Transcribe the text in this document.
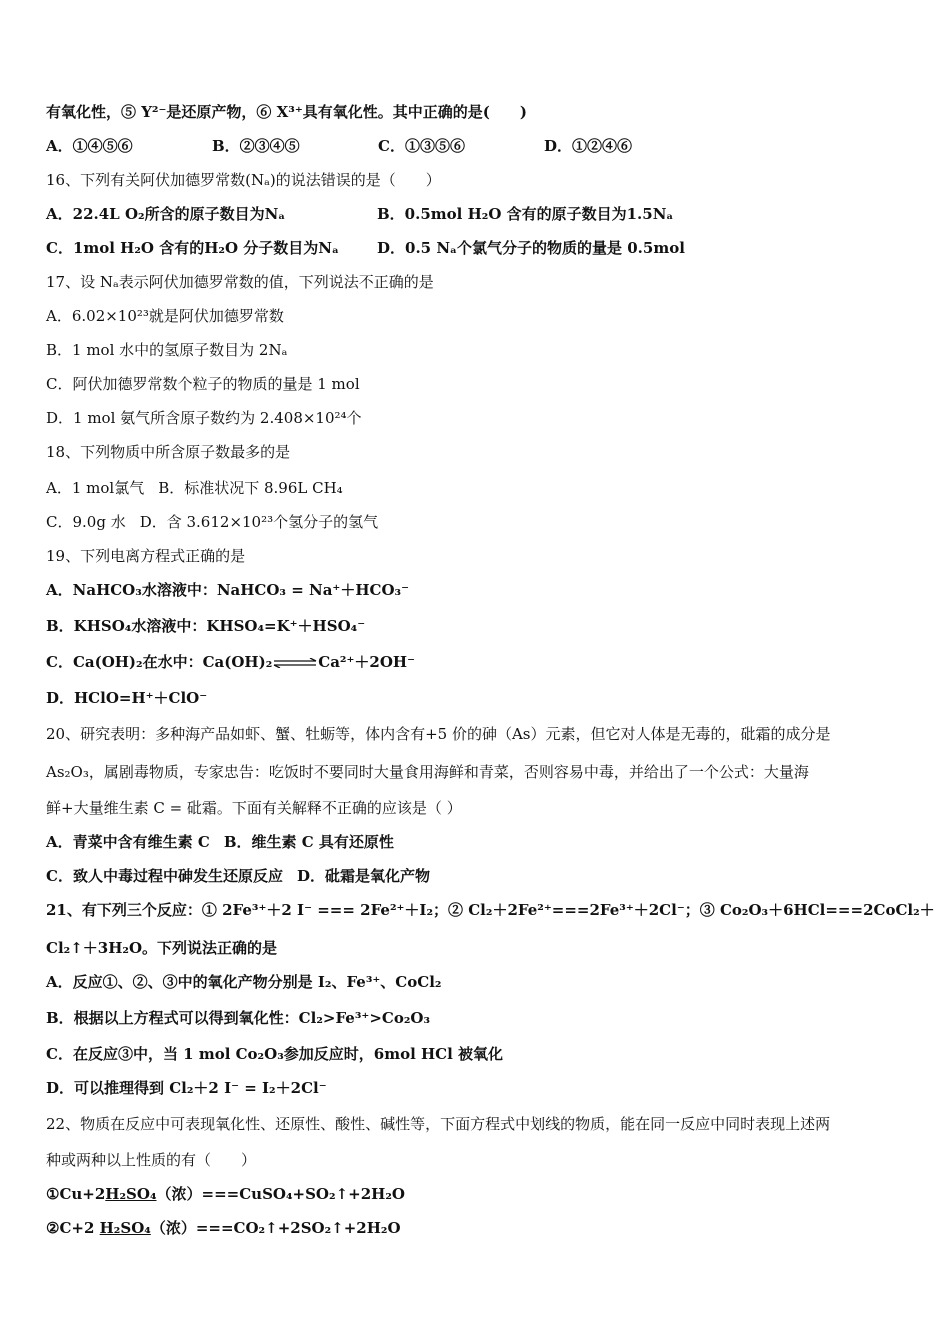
有氧化性，⑤ Y²⁻是还原产物，⑥ X³⁺具有氧化性。其中正确的是(　　)
A．①④⑤⑥	B．②③④⑤	C．①③⑤⑥	D．①②④⑥
16、下列有关阿伏加德罗常数(Nₐ)的说法错误的是（　　）
A．22.4L O₂所含的原子数目为Nₐ	B．0.5mol H₂O 含有的原子数目为1.5Nₐ
C．1mol H₂O 含有的H₂O 分子数目为Nₐ	D．0.5 Nₐ个氯气分子的物质的量是 0.5mol
17、设 Nₐ表示阿伏加德罗常数的值，下列说法不正确的是
A．6.02×10²³就是阿伏加德罗常数
B．1 mol 水中的氢原子数目为 2Nₐ
C．阿伏加德罗常数个粒子的物质的量是 1 mol
D．1 mol 氨气所含原子数约为 2.408×10²⁴个
18、下列物质中所含原子数最多的是
A．1 mol氯气 B．标准状况下 8.96L CH₄
C．9.0g 水 D．含 3.612×10²³个氢分子的氢气
19、下列电离方程式正确的是
A．NaHCO₃水溶液中：NaHCO₃ = Na⁺＋HCO₃⁻
B．KHSO₄水溶液中：KHSO₄=K⁺＋HSO₄⁻
C．Ca(OH)₂在水中：Ca(OH)₂⇌Ca²⁺＋2OH⁻
D．HClO=H⁺＋ClO⁻
20、研究表明：多种海产品如虾、蟹、牡蛎等，体内含有+5 价的砷（As）元素，但它对人体是无毒的，砒霜的成分是
As₂O₃，属剧毒物质，专家忠告：吃饭时不要同时大量食用海鲜和青菜，否则容易中毒，并给出了一个公式：大量海
鲜+大量维生素 C = 砒霜。下面有关解释不正确的应该是（ ）
A．青菜中含有维生素 C B．维生素 C 具有还原性
C．致人中毒过程中砷发生还原反应 D．砒霜是氧化产物
21、有下列三个反应：① 2Fe³⁺＋2 I⁻ === 2Fe²⁺＋I₂；② Cl₂＋2Fe²⁺===2Fe³⁺＋2Cl⁻；③ Co₂O₃＋6HCl===2CoCl₂＋
Cl₂↑＋3H₂O。下列说法正确的是
A．反应①、②、③中的氧化产物分别是 I₂、Fe³⁺、CoCl₂
B．根据以上方程式可以得到氧化性：Cl₂>Fe³⁺>Co₂O₃
C．在反应③中，当 1 mol Co₂O₃参加反应时，6mol HCl 被氧化
D．可以推理得到 Cl₂＋2 I⁻ = I₂＋2Cl⁻
22、物质在反应中可表现氧化性、还原性、酸性、碱性等，下面方程式中划线的物质，能在同一反应中同时表现上述两
种或两种以上性质的有（　　）
①Cu+2H₂SO₄（浓）===CuSO₄+SO₂↑+2H₂O
②C+2 H₂SO₄（浓）===CO₂↑+2SO₂↑+2H₂O
